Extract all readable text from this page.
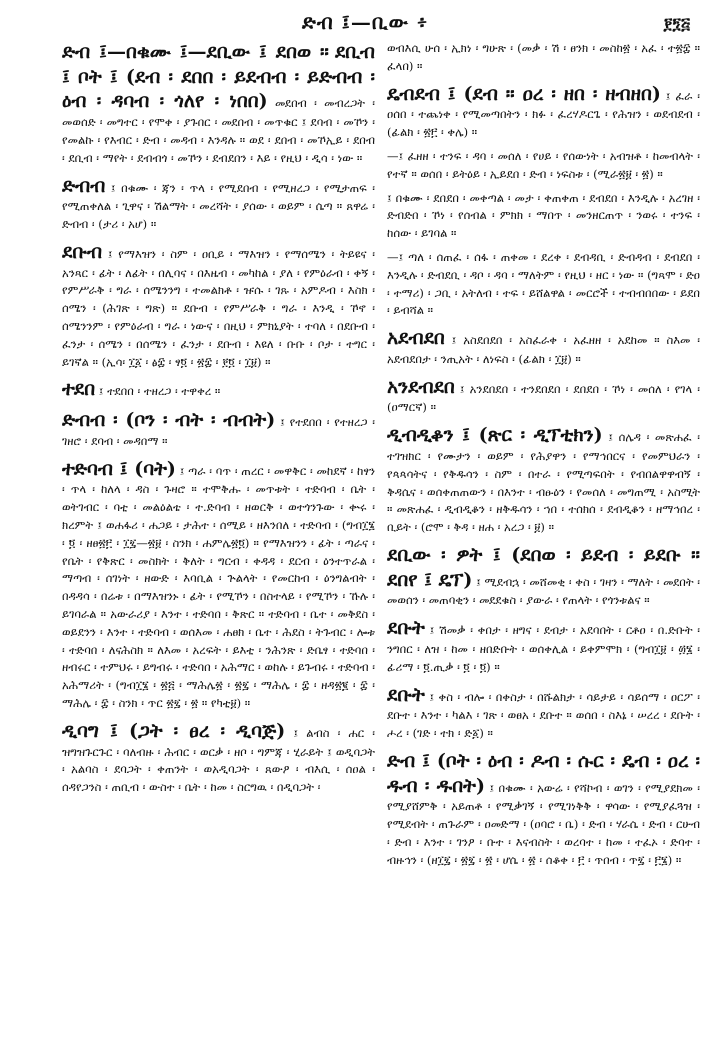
ድብ ፤—ቢው ፥	፻፺፭

ድብ ፤—በቁሙ ፤—ደቢው ፤ ደበወ ። ደቢብ ፤ ቦት ፤ (ደብ ፡ ደበበ ፡ ይደብብ ፡ ይድብብ ፡ ዕብ ፡ ዳባብ ፡ ጎለየ ፡ ነበበ) መደበብ ፡ መብረጋት ፡ መወሰድ ፡ መግተር ፡ የሞቀ ፡ ያጉበር ፡ መደበብ ፡ መጥቁር ፤ ደባብ ፡ መኾን ፡ የመልኩ ፡ የእብር ፡ ድብ ፡ መዳብ ፡ እንዳሉ ። ወደ ፡ ደበብ ፡ መኾኢይ ፡ ደበብ ፡ ደቢብ ፡ ማየት ፡ ደብብጎ ፡ መኾን ፡ ደብደበን ፡ እይ ፡ የዚህ ፡ ዲሳ ፡ ነው ።

ድብብ ፤ በቁሙ ፡ ጃን ፡ ጥላ ፡ የሚደበብ ፡ የሚዘረጋ ፡ የሚታጠፍ ፡ የሚጠቀለል ፡ ጊዋና ፡ ሽልማት ፡ መረሻት ፡ ያሰው ፡ ወይም ፡ ሴጣ ። ጸዋሬ ፡ ድብብ ፡ (ታሪ ፡ አሆ) ።

ደቡብ ፤ የማእዝን ፡ ስም ፡ ዐቢይ ፡ ማእዝን ፡ የማሰሜን ፡ ትይዩና ፡ አንጻር ፡ ፊት ፡ ለፊት ፡ በሊባና ፡ በእዜብ ፡ መካከል ፡ ያለ ፡ የምዕራብ ፡ ቀኝ ፡ የምሥራቅ ፡ ግራ ፡ ሰሜንንግ ፡ ተመልክቶ ፡ ዡሱ ፡ ገጹ ፡ አምዶብ ፡ እስክ ፡ ሰሜን ፡ (ሕገጽ ፡ ግጽ) ። ደቡብ ፡ የምሥራቅ ፡ ግራ ፡ እንዲ ፡ ኾኖ ፡ ሰሜንንም ፡ የምዕራብ ፡ ግራ ፡ ነውና ፡ በዚህ ፡ ምክኒያት ፡ ተባለ ፡ በደቡብ ፡ ፈንታ ፡ ሰሜን ፡ በሰሜን ፡ ፈንታ ፡ ደቡብ ፡ እዩለ ፡ ቡቡ ፡ ቦታ ፡ ተግር ፡ ይገኛል ። (ኢሳ፡ ፲፩ ፡ ፅ፰ ፡ ፃ፬ ፡ ፳፰ ፡ ፻፬ ፡ ፲፱) ።

ተደበ ፤ ተደበበ ፡ ተዘረጋ ፡ ተዋቀረ ።

ድብብ ፡ (ቦን ፡ ብት ፡ ብብት) ፤ የተደበበ ፡ የተዘረጋ ፡ ገዘሮ ፡ ደባብ ፡ መዳበማ ።

ተድባብ ፤ (ባት) ፤ ጣራ ፡ ባጥ ፡ ጠረር ፡ መዋቅር ፡ መከደኛ ፡ ከፃን ፡ ጥላ ፡ ከለላ ፡ ዳስ ፡ ጉዛሮ ። ተሞቅሑ ፡ መጥቱት ፡ ተድባብ ፡ ቤት ፡ ወትገብር ፡ ባቲ ፡ መልዕልቴ ፡ ተ.ድባብ ፡ ዘወርቅ ፡ ወተጎንጉው ፡ ቍሩ ፡ ክረምት ፤ ወሐፋሪ ፡ ሐጋይ ፡ ታሕተ ፡ ሰሚይ ፡ ዘእንበለ ፡ ተድባብ ፡ (ግብ፲፮ ፡ ፬ ፡ ዘፀ፳፫ ፡ ፲፯—፳፱ ፡ ስንክ ፡ ሐምሌ፳፬) ። የማእዝንን ፡ ፊት ፡ ጣራና ፡ የቤት ፡ የቅጽር ፡ መስክት ፡ ቅለት ፡ ግርብ ፡ ቀዳዳ ፡ ደርብ ፡ ዕንተጥራል ፡ ማጣብ ፡ ሰገነት ፡ ዘውድ ፡ እባቢል ፡ ጕልላት ፡ የመርከብ ፡ ዕንግልብት ፡ በዳዳሳ ፡ በሬቱ ፡ በማእዝንኑ ፡ ፊት ፡ የሚኾን ፡ በስተላይ ፡ የሚኾን ፡ ኹሉ ፡ ይገባራል ። አውራሪያ ፡ እንተ ፡ ተድባበ ፡ ቅጽር ። ተድባብ ፡ ቤተ ፡ መቅደስ ፡ ወይደንን ፡ እንተ ፡ ተድባብ ፡ ወሰእመ ፡ ሐፀክ ፡ ቤተ ፡ ሕደስ ፡ ትጉብር ፡ ሎቱ ፡ ተድባበ ፡ ለናሕስክ ። ለእመ ፡ አረፍት ፡ ይእቲ ፡ ንሕንጽ ፡ ድቤፃ ፡ ተድባበ ፡ ዘብሩር ፡ ተምህሩ ፡ ይግብሩ ፡ ተድባበ ፡ አሕማር ፡ ወከሉ ፡ ይጉብሩ ፡ ተድባብ ፡ አሕማሪት ፡ (ግብ፲፮ ፡ ፳፭ ፡ ማሕሌ፳ ፡ ፳፯ ፡ ማሕሌ ፡ ፰ ፡ ዘዳ፳፪ ፡ ፰ ፡ ማሕሌ ፡ ፰ ፡ ስንክ ፡ ጥር ፳፯ ፡ ፳ ። የካቲ፱) ።

ዲባግ ፤ (ጋት ፡ ፀረ ፡ ዲባጅ) ፤ ልብስ ፡ ሐር ፡ ዝግዝጉርጉር ፡ ባለብዙ ፡ ሕብር ፡ ወርቃ ፡ ዘቦ ፡ ግምጃ ፡ ሂራይት ፤ ወዲባጋት ፡ አልባስ ፡ ደባጋት ፡ ቀጠንት ፡ ወአዲባጋት ፡ ጸውዖ ፡ ብእሲ ፡ ሰዐል ፡ ሰዳየጋንስ ፡ ጠቢብ ፡ ውስተ ፡ ቤት ፡ ከመ ፡ ስርግዉ ፡ በዲባጋት ፡

ወብእሲ ሁሰ ፡ ኢክነ ፡ ግሁጽ ፡ (መቃ ፡ ሽ ፡ ፀንክ ፡ መስከ፳ ፡ አፈ ፡ ተ፳፰ ። ፈላበ) ።

ዴብደብ ፤ (ደብ ። ዐረ ፡ ዘበ ፡ ዘብዘበ) ፤ ፈራ ፡ ዐሰበ ፡ ተጨነቀ ፡ የሚመጣበትን ፡ ክፉ ፡ ፈረሃዶርጌ ፡ የሕዝን ፡ ወደብደብ ፡ (ፊልክ ፡ ፳፫ ፡ ቀሌ) ።

—፤ ፈዘዘ ፡ ተንፍ ፡ ዳባ ፡ መሰለ ፡ የሀይ ፡ የሰውነት ፡ አብዝቶ ፡ ከመብላት ፡ የተኛ ። ወሰበ ፡ ይትዕይ ፡ ኢይደበ ፡ ድብ ፡ ነፍስቱ ፡ (ሚራ፳፱ ፡ ፳) ።

፤ በቁሙ ፡ ደበደበ ፡ መቀጣል ፡ መታ ፡ ቀጠቀጠ ፡ ደብደበ ፡ እንዲሉ ፡ አረገዘ ፡ ድብድበ ፡ ኾነ ፡ የሰብል ፡ ምክክ ፡ ማበጥ ፡ መንዘርጠጥ ፡ ንወሩ ፡ ተንፍ ፡ ከሰው ፡ ይገባል ።

—፤ ጣለ ፡ ሰጠፈ ፡ ሰፋ ፡ ጠቀመ ፡ ደረቀ ፡ ደብዳቢ ፡ ድብዳብ ፡ ደብደበ ፡ እንዲሉ ፡ ድብደቢ ፡ ዳቦ ፡ ዳባ ፡ ማለትም ፡ የዚህ ፡ ዘር ፡ ነው ። (ግጻሞ ፡ ድዐ ፡ ተማሪ) ፡ ጋቢ ፡ አትለብ ፡ ተፍ ፡ ይሸልዋል ፡ መርሮች ፡ ተብብበበው ፡ ይደበ ፡ ይብሻል ።

አደብደበ ፤ አስደበደበ ፡ አስፈራቀ ፡ አፈዘዘ ፡ አደከመ ። ስእመ ፡ አደብደበታ ፡ ንጢአት ፡ ለነፍስ ፡ (ፊልክ ፡ ፲፱) ።

አንደብደበ ፤ አንደበደበ ፡ ተንደበደበ ፡ ደበደበ ፡ ኾነ ፡ መሰለ ፡ የገላ ፡ (ዐማርኛ) ።

ዲብዲቆን ፤ (ጽር ፡ ዲፕቲክን) ፤ ሰሌዳ ፡ መጽሐፈ ፡ ተገዝክር ፡ የሙታን ፡ ወይም ፡ የሕያዋን ፡ የማኅበርና ፡ የመምህራን ፡ የጳጳሳትና ፡ የቅዱሳን ፡ ስም ፡ በተራ ፡ የሚጣፍበት ፡ የብበልዋዋብኝ ፡ ቅዳሴና ፡ ወሰቀጠጠውን ፡ በእንተ ፡ ብፁዕን ፡ የመሰለ ፡ መግጠሚ ፡ አስሚት ። መጽሐፈ ፡ ዲብዲቆን ፡ ዘቅዱሳን ፡ ኀበ ፡ ተሰክሰ ፡ ደብዲቆን ፡ ዘማኅበረ ፡ ቢይት ፡ (ሮሞ ፡ ቅዳ ፡ ዘሐ ፡ አረጋ ፡ ፱) ።

ደቢው ፡ ዎት ፤ (ደበወ ፡ ይደብ ፡ ይደቡ ። ደበየ ፤ ዴፕ) ፤ ሚደብኋ ፡ መሸመቂ ፡ ቀስ ፡ ገዛን ፡ ማለት ፡ መደበት ፡ መወሰን ፡ መጠባቂን ፡ መደደቁስ ፡ ያውራ ፡ የጠላት ፡ የጎንቱልና ።

ደቡት ፤ ሽመቃ ፡ ቀበታ ፡ ዘግና ፡ ደብታ ፡ አደባበት ፡ ርቶዐ ፡ በ.ድቡት ፡ ንግበር ፡ ለዝ ፡ ከመ ፡ ዘበድቡት ፡ ወሰቀሊል ፡ ይቀምሞክ ፡ (ግብ፲፱ ፡ ፴፮ ፡ ፊሪማ ፡ ፬.ጢቃ ፡ ፬ ፡ ፬) ።

ደቡት ፤ ቀስ ፡ ብሎ ፡ በቀስታ ፡ በሹልክታ ፡ ሳይታይ ፡ ሳይሰማ ፡ ዐርፖ ፡ ደቡተ ፡ እንተ ፡ ካልእ ፡ ገጽ ፡ ወፀአ ፡ ደቡተ ። ወሰበ ፡ ስእኔ ፡ ሠረረ ፡ ደቡት ፡ ሖረ ፡ (ገድ ፡ ተክ ፡ ድ፩) ።

ድብ ፤ (ቦት ፡ ዕብ ፡ ዶብ ፡ ሱር ፡ ዴብ ፡ ዐረ ፡ ዱብ ፡ ዱበት) ፤ በቁሙ ፡ አውሬ ፡ የሻኮብ ፡ ወገን ፡ የሚያደክመ ፡ የሚያሸምቅ ፡ አይጠቶ ፡ የሚቃገኝ ፡ የሚገነቅቅ ፡ ዋሳው ፡ የሚያፈጓዝ ፡ የሚደብት ፡ ጠጉራም ፡ ዐመድማ ፡ (ዐባሮ ፡ ቤ) ፡ ድብ ፡ ሃራሴ ፡ ድብ ፡ ርሁብ ፡ ድብ ፡ እንተ ፡ ገንዖ ፡ ቡተ ፡ እናብስት ፡ ወረባተ ፡ ከመ ፡ ተፈኦ ፡ ድባተ ፡ ብዙኅን ፡ (ዘ፲፯ ፡ ፳፯ ፡ ፳ ፡ ሆሴ ፡ ፳ ፡ ሰቆቀ ፡ ፫ ፡ ጥበብ ፡ ጥ፯ ፡ ፫፮) ።
